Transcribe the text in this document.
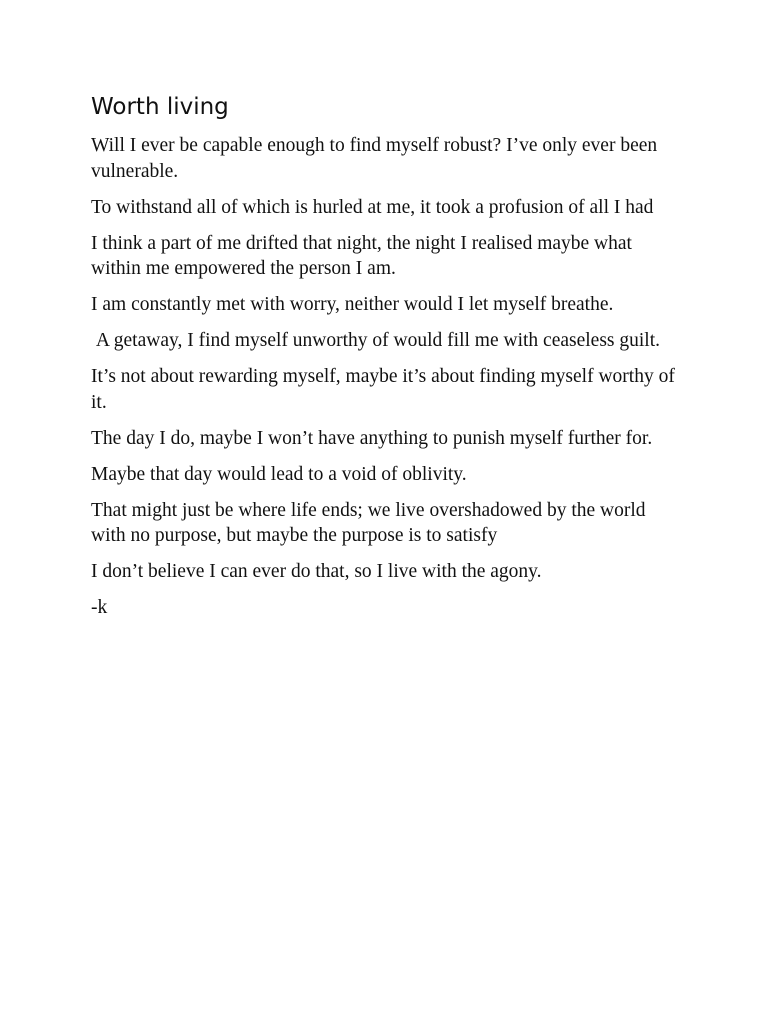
Worth living

Will I ever be capable enough to find myself robust? I’ve only ever been vulnerable.

To withstand all of which is hurled at me, it took a profusion of all I had

I think a part of me drifted that night, the night I realised maybe what within me empowered the person I am.

I am constantly met with worry, neither would I let myself breathe.

A getaway, I find myself unworthy of would fill me with ceaseless guilt.

It’s not about rewarding myself, maybe it’s about finding myself worthy of it.

The day I do, maybe I won’t have anything to punish myself further for.

Maybe that day would lead to a void of oblivity.

That might just be where life ends; we live overshadowed by the world with no purpose, but maybe the purpose is to satisfy

I don’t believe I can ever do that, so I live with the agony.

-k
